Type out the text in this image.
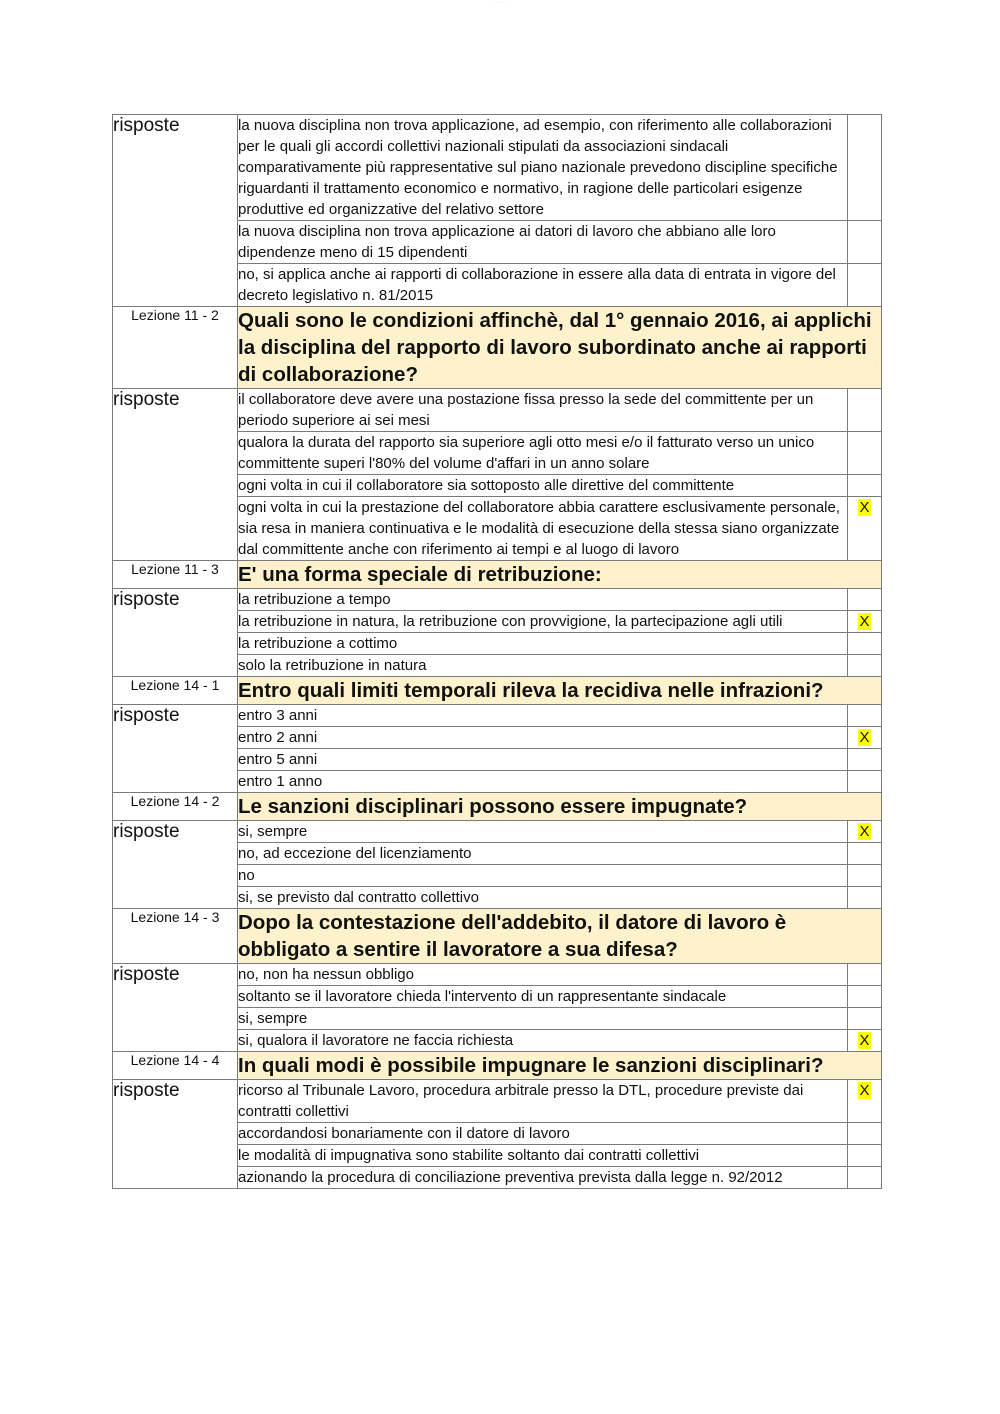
...............
risposte	la nuova disciplina non trova applicazione, ad esempio, con riferimento alle collaborazioni per le quali gli accordi collettivi nazionali stipulati da associazioni sindacali comparativamente più rappresentative sul piano nazionale prevedono discipline specifiche riguardanti il trattamento economico e normativo, in ragione delle particolari esigenze produttive ed organizzative del relativo settore	
	la nuova disciplina non trova applicazione ai datori di lavoro che abbiano alle loro dipendenze meno di 15 dipendenti	
	no, si applica anche ai rapporti di collaborazione in essere alla data di entrata in vigore del decreto legislativo n. 81/2015	
Lezione 11 - 2	Quali sono le condizioni affinchè, dal 1° gennaio 2016, ai applichi la disciplina del rapporto di lavoro subordinato anche ai rapporti di collaborazione?	
risposte	il collaboratore deve avere una postazione fissa presso la sede del committente per un periodo superiore ai sei mesi	
	qualora la durata del rapporto sia superiore agli otto mesi e/o il fatturato verso un unico committente superi l'80% del volume d'affari in un anno solare	
	ogni volta in cui il collaboratore sia sottoposto alle direttive del committente	
	ogni volta in cui la prestazione del collaboratore abbia carattere esclusivamente personale, sia resa in maniera continuativa e le modalità di esecuzione della stessa siano organizzate dal committente anche con riferimento ai tempi e al luogo di lavoro	X
Lezione 11 - 3	E' una forma speciale di retribuzione:	
risposte	la retribuzione a tempo	
	la retribuzione in natura, la retribuzione con provvigione, la partecipazione agli utili	X
	la retribuzione a cottimo	
	solo la retribuzione in natura	
Lezione 14 - 1	Entro quali limiti temporali rileva la recidiva nelle infrazioni?	
risposte	entro 3 anni	
	entro 2 anni	X
	entro 5 anni	
	entro 1 anno	
Lezione 14 - 2	Le sanzioni disciplinari possono essere impugnate?	
risposte	si, sempre	X
	no, ad eccezione del licenziamento	
	no	
	si, se previsto dal contratto collettivo	
Lezione 14 - 3	Dopo la contestazione dell'addebito, il datore di lavoro è obbligato a sentire il lavoratore a sua difesa?	
risposte	no, non ha nessun obbligo	
	soltanto se il lavoratore chieda l'intervento di un rappresentante sindacale	
	si, sempre	
	si, qualora il lavoratore ne faccia richiesta	X
Lezione 14 - 4	In quali modi è possibile impugnare le sanzioni disciplinari?	
risposte	ricorso al Tribunale Lavoro, procedura arbitrale presso la DTL, procedure previste dai contratti collettivi	X
	accordandosi bonariamente con il datore di lavoro	
	le modalità di impugnativa sono stabilite soltanto dai contratti collettivi	
	azionando la procedura di conciliazione preventiva prevista dalla legge n. 92/2012	
